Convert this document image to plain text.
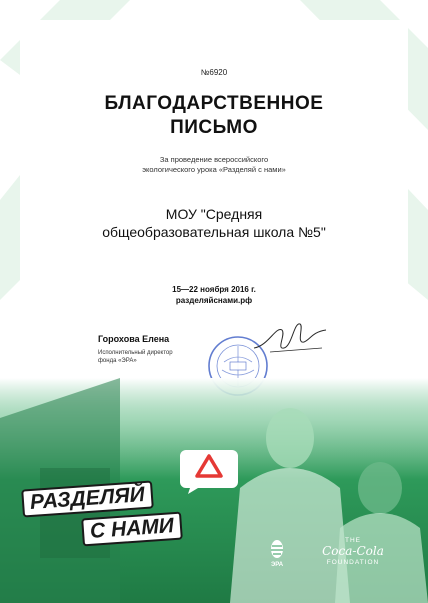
№6920
БЛАГОДАРСТВЕННОЕ
ПИСЬМО
За проведение всероссийского
экологического урока «Разделяй с нами»
МОУ "Средняя
общеобразовательная школа №5"
15—22 ноября 2016 г.
разделяйснами.рф
Горохова Елена
Исполнительный директор
фонда «ЭРА»
РАЗДЕЛЯЙ
С НАМИ
ЭРА
THE
Coca-Cola
FOUNDATION
